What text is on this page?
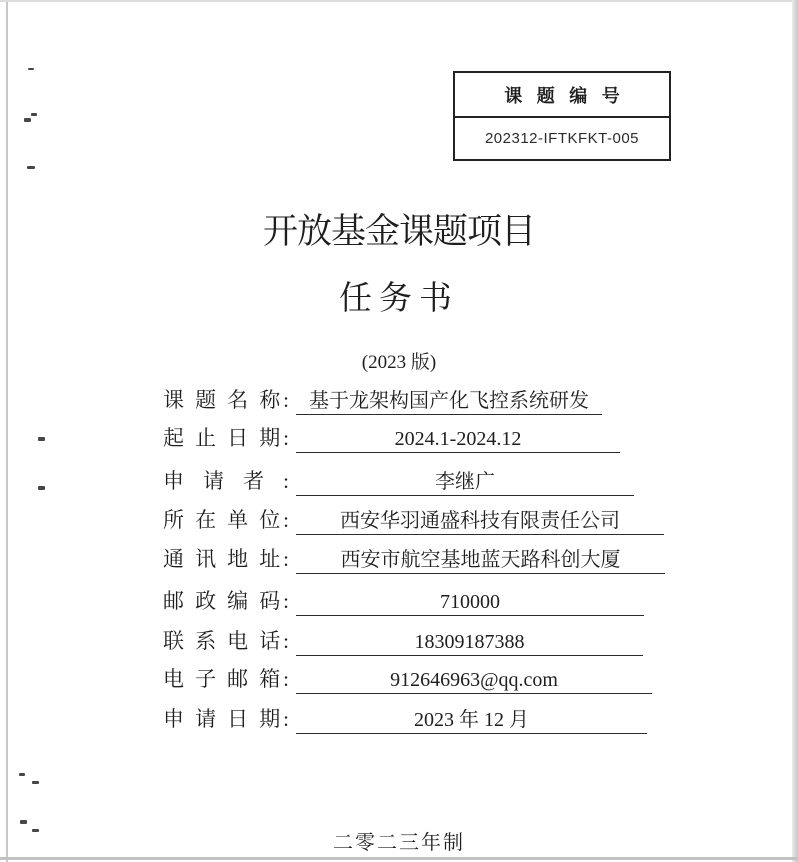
课 题 编 号
202312-IFTKFKT-005
开放基金课题项目
任务书
(2023 版)
课 题 名 称:	基于龙架构国产化飞控系统研发
起 止 日 期:	2024.1-2024.12
申 请 者 :	李继广
所 在 单 位:	西安华羽通盛科技有限责任公司
通 讯 地 址:	西安市航空基地蓝天路科创大厦
邮 政 编 码:	710000
联 系 电 话:	18309187388
电 子 邮 箱:	912646963@qq.com
申 请 日 期:	2023 年 12 月
二零二三年制
